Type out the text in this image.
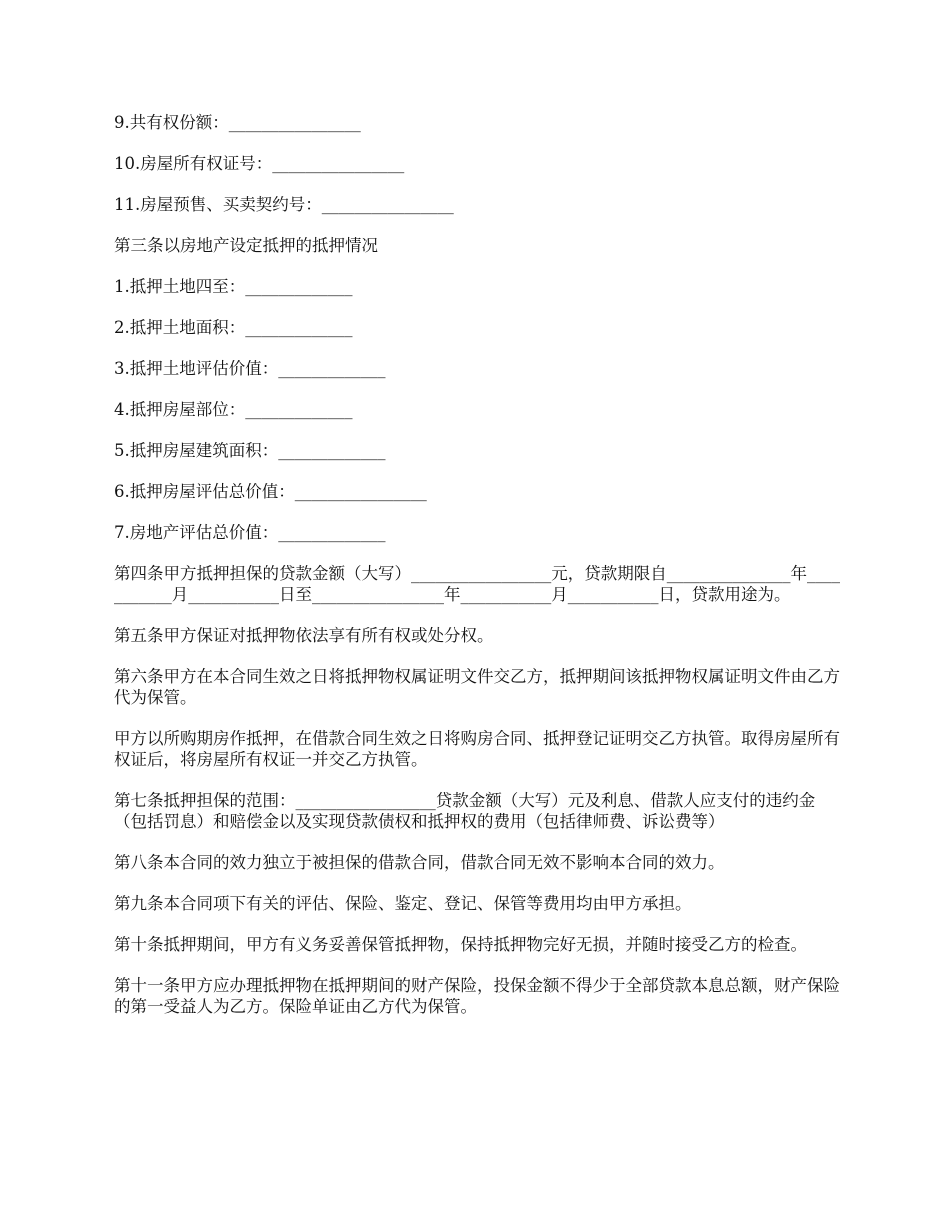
9.共有权份额：________________

10.房屋所有权证号：________________

11.房屋预售、买卖契约号：________________

第三条以房地产设定抵押的抵押情况

1.抵押土地四至：_____________

2.抵押土地面积：_____________

3.抵押土地评估价值：_____________

4.抵押房屋部位：_____________

5.抵押房屋建筑面积：_____________

6.抵押房屋评估总价值：________________

7.房地产评估总价值：_____________

第四条甲方抵押担保的贷款金额（大写）_________________元，贷款期限自_______________年___________月___________日至________________年___________月___________日，贷款用途为。

第五条甲方保证对抵押物依法享有所有权或处分权。

第六条甲方在本合同生效之日将抵押物权属证明文件交乙方，抵押期间该抵押物权属证明文件由乙方代为保管。

甲方以所购期房作抵押，在借款合同生效之日将购房合同、抵押登记证明交乙方执管。取得房屋所有权证后，将房屋所有权证一并交乙方执管。

第七条抵押担保的范围：_________________贷款金额（大写）元及利息、借款人应支付的违约金（包括罚息）和赔偿金以及实现贷款债权和抵押权的费用（包括律师费、诉讼费等）

第八条本合同的效力独立于被担保的借款合同，借款合同无效不影响本合同的效力。

第九条本合同项下有关的评估、保险、鉴定、登记、保管等费用均由甲方承担。

第十条抵押期间，甲方有义务妥善保管抵押物，保持抵押物完好无损，并随时接受乙方的检查。

第十一条甲方应办理抵押物在抵押期间的财产保险，投保金额不得少于全部贷款本息总额，财产保险的第一受益人为乙方。保险单证由乙方代为保管。
